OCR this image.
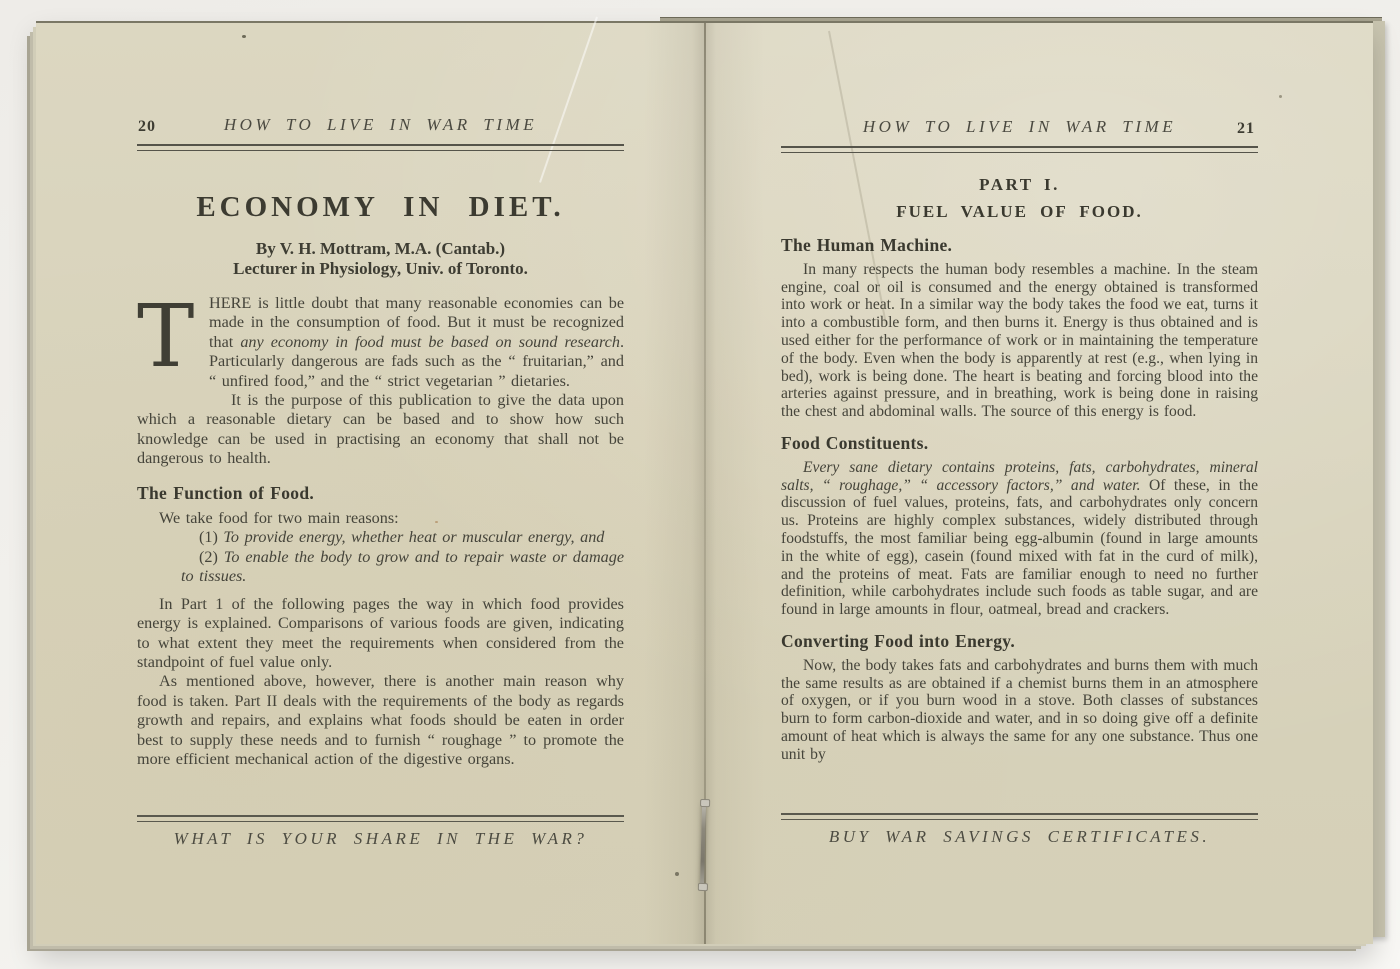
20	HOW TO LIVE IN WAR TIME
ECONOMY IN DIET.
By V. H. Mottram, M.A. (Cantab.)
Lecturer in Physiology, Univ. of Toronto.

THERE is little doubt that many reasonable economies can be made in the consumption of food. But it must be recognized that any economy in food must be based on sound research. Particularly dangerous are fads such as the “ fruitarian,” and “ unfired food,” and the “ strict vegetarian ” dietaries.

It is the purpose of this publication to give the data upon which a reasonable dietary can be based and to show how such knowledge can be used in practising an economy that shall not be dangerous to health.

The Function of Food.

We take food for two main reasons:

(1) To provide energy, whether heat or muscular energy, and

(2) To enable the body to grow and to repair waste or damage to tissues.

In Part 1 of the following pages the way in which food provides energy is explained. Comparisons of various foods are given, indicating to what extent they meet the requirements when considered from the standpoint of fuel value only.

As mentioned above, however, there is another main reason why food is taken. Part II deals with the requirements of the body as regards growth and repairs, and explains what foods should be eaten in order best to supply these needs and to furnish “ roughage ” to promote the more efficient mechanical action of the digestive organs.

WHAT IS YOUR SHARE IN THE WAR?
21
HOW TO LIVE IN WAR TIME
PART I.
FUEL VALUE OF FOOD.

The Human Machine.

In many respects the human body resembles a machine. In the steam engine, coal or oil is consumed and the energy obtained is transformed into work or heat. In a similar way the body takes the food we eat, turns it into a combustible form, and then burns it. Energy is thus obtained and is used either for the performance of work or in maintaining the temperature of the body. Even when the body is apparently at rest (e.g., when lying in bed), work is being done. The heart is beating and forcing blood into the arteries against pressure, and in breathing, work is being done in raising the chest and abdominal walls. The source of this energy is food.

Food Constituents.

Every sane dietary contains proteins, fats, carbohydrates, mineral salts, “ roughage,” “ accessory factors,” and water. Of these, in the discussion of fuel values, proteins, fats, and carbohydrates only concern us. Proteins are highly complex substances, widely distributed through foodstuffs, the most familiar being egg-albumin (found in large amounts in the white of egg), casein (found mixed with fat in the curd of milk), and the proteins of meat. Fats are familiar enough to need no further definition, while carbohydrates include such foods as table sugar, and are found in large amounts in flour, oatmeal, bread and crackers.

Converting Food into Energy.

Now, the body takes fats and carbohydrates and burns them with much the same results as are obtained if a chemist burns them in an atmosphere of oxygen, or if you burn wood in a stove. Both classes of substances burn to form carbon-dioxide and water, and in so doing give off a definite amount of heat which is always the same for any one substance. Thus one unit by

BUY WAR SAVINGS CERTIFICATES.
